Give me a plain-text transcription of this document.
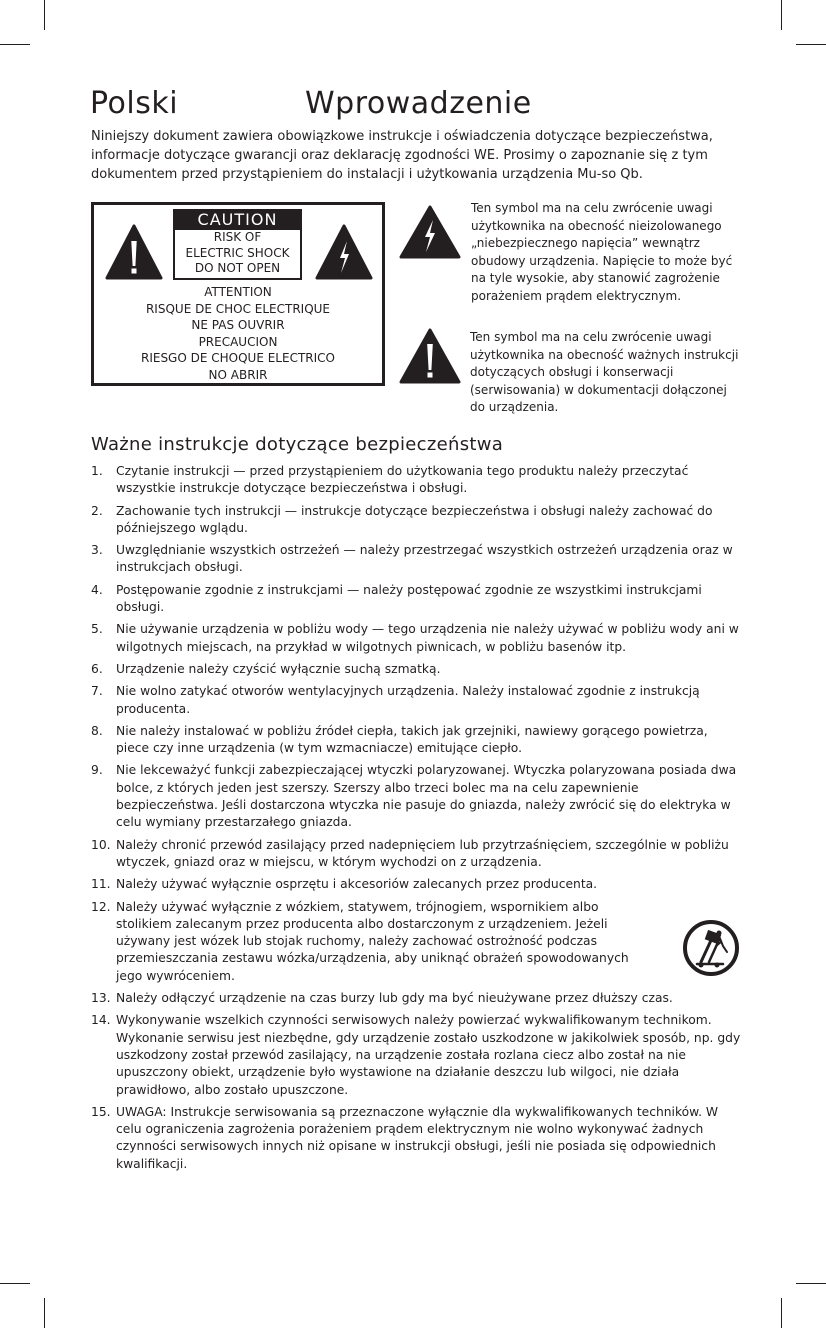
Polski	Wprowadzenie
Niniejszy dokument zawiera obowiązkowe instrukcje i oświadczenia dotyczące bezpieczeństwa, informacje dotyczące gwarancji oraz deklarację zgodności WE. Prosimy o zapoznanie się z tym dokumentem przed przystąpieniem do instalacji i użytkowania urządzenia Mu-so Qb.
CAUTION
RISK OF
ELECTRIC SHOCK
DO NOT OPEN
ATTENTION
RISQUE DE CHOC ELECTRIQUE
NE PAS OUVRIR
PRECAUCION
RIESGO DE CHOQUE ELECTRICO
NO ABRIR
Ten symbol ma na celu zwrócenie uwagi użytkownika na obecność nieizolowanego „niebezpiecznego napięcia” wewnątrz obudowy urządzenia. Napięcie to może być na tyle wysokie, aby stanowić zagrożenie porażeniem prądem elektrycznym.
Ten symbol ma na celu zwrócenie uwagi użytkownika na obecność ważnych instrukcji dotyczących obsługi i konserwacji (serwisowania) w dokumentacji dołączonej do urządzenia.
Ważne instrukcje dotyczące bezpieczeństwa
1. Czytanie instrukcji — przed przystąpieniem do użytkowania tego produktu należy przeczytać wszystkie instrukcje dotyczące bezpieczeństwa i obsługi.
2. Zachowanie tych instrukcji — instrukcje dotyczące bezpieczeństwa i obsługi należy zachować do późniejszego wglądu.
3. Uwzględnianie wszystkich ostrzeżeń — należy przestrzegać wszystkich ostrzeżeń urządzenia oraz w instrukcjach obsługi.
4. Postępowanie zgodnie z instrukcjami — należy postępować zgodnie ze wszystkimi instrukcjami obsługi.
5. Nie używanie urządzenia w pobliżu wody — tego urządzenia nie należy używać w pobliżu wody ani w wilgotnych miejscach, na przykład w wilgotnych piwnicach, w pobliżu basenów itp.
6. Urządzenie należy czyścić wyłącznie suchą szmatką.
7. Nie wolno zatykać otworów wentylacyjnych urządzenia. Należy instalować zgodnie z instrukcją producenta.
8. Nie należy instalować w pobliżu źródeł ciepła, takich jak grzejniki, nawiewy gorącego powietrza, piece czy inne urządzenia (w tym wzmacniacze) emitujące ciepło.
9. Nie lekceważyć funkcji zabezpieczającej wtyczki polaryzowanej. Wtyczka polaryzowana posiada dwa bolce, z których jeden jest szerszy. Szerszy albo trzeci bolec ma na celu zapewnienie bezpieczeństwa. Jeśli dostarczona wtyczka nie pasuje do gniazda, należy zwrócić się do elektryka w celu wymiany przestarzałego gniazda.
10. Należy chronić przewód zasilający przed nadepnięciem lub przytrzaśnięciem, szczególnie w pobliżu wtyczek, gniazd oraz w miejscu, w którym wychodzi on z urządzenia.
11. Należy używać wyłącznie osprzętu i akcesoriów zalecanych przez producenta.
12. Należy używać wyłącznie z wózkiem, statywem, trójnogiem, wspornikiem albo stolikiem zalecanym przez producenta albo dostarczonym z urządzeniem. Jeżeli używany jest wózek lub stojak ruchomy, należy zachować ostrożność podczas przemieszczania zestawu wózka/urządzenia, aby uniknąć obrażeń spowodowanych jego wywróceniem.
13. Należy odłączyć urządzenie na czas burzy lub gdy ma być nieużywane przez dłuższy czas.
14. Wykonywanie wszelkich czynności serwisowych należy powierzać wykwalifikowanym technikom. Wykonanie serwisu jest niezbędne, gdy urządzenie zostało uszkodzone w jakikolwiek sposób, np. gdy uszkodzony został przewód zasilający, na urządzenie została rozlana ciecz albo został na nie upuszczony obiekt, urządzenie było wystawione na działanie deszczu lub wilgoci, nie działa prawidłowo, albo zostało upuszczone.
15. UWAGA: Instrukcje serwisowania są przeznaczone wyłącznie dla wykwalifikowanych techników. W celu ograniczenia zagrożenia porażeniem prądem elektrycznym nie wolno wykonywać żadnych czynności serwisowych innych niż opisane w instrukcji obsługi, jeśli nie posiada się odpowiednich kwalifikacji.
